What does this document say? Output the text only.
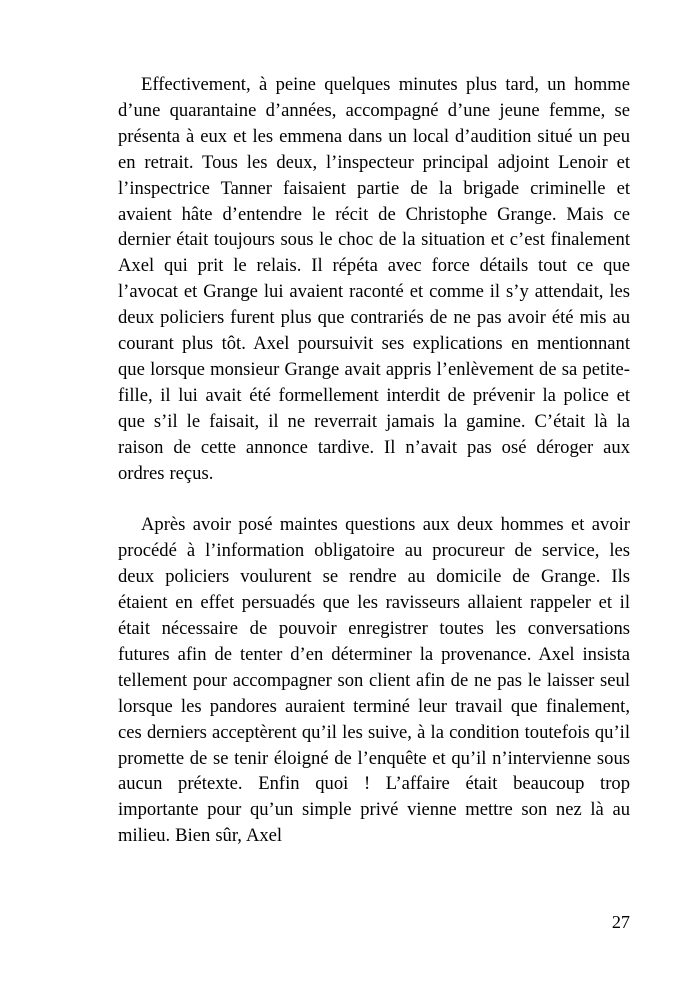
Effectivement, à peine quelques minutes plus tard, un homme d’une quarantaine d’années, accompagné d’une jeune femme, se présenta à eux et les emmena dans un local d’audition situé un peu en retrait. Tous les deux, l’inspecteur principal adjoint Lenoir et l’inspectrice Tanner faisaient partie de la brigade criminelle et avaient hâte d’entendre le récit de Christophe Grange. Mais ce dernier était toujours sous le choc de la situation et c’est finalement Axel qui prit le relais. Il répéta avec force détails tout ce que l’avocat et Grange lui avaient raconté et comme il s’y attendait, les deux policiers furent plus que contrariés de ne pas avoir été mis au courant plus tôt. Axel poursuivit ses explications en mentionnant que lorsque monsieur Grange avait appris l’enlèvement de sa petite-fille, il lui avait été formellement interdit de prévenir la police et que s’il le faisait, il ne reverrait jamais la gamine. C’était là la raison de cette annonce tardive. Il n’avait pas osé déroger aux ordres reçus.

Après avoir posé maintes questions aux deux hommes et avoir procédé à l’information obligatoire au procureur de service, les deux policiers voulurent se rendre au domicile de Grange. Ils étaient en effet persuadés que les ravisseurs allaient rappeler et il était nécessaire de pouvoir enregistrer toutes les conversations futures afin de tenter d’en déterminer la provenance. Axel insista tellement pour accompagner son client afin de ne pas le laisser seul lorsque les pandores auraient terminé leur travail que finalement, ces derniers acceptèrent qu’il les suive, à la condition toutefois qu’il promette de se tenir éloigné de l’enquête et qu’il n’intervienne sous aucun prétexte. Enfin quoi ! L’affaire était beaucoup trop importante pour qu’un simple privé vienne mettre son nez là au milieu. Bien sûr, Axel

27
